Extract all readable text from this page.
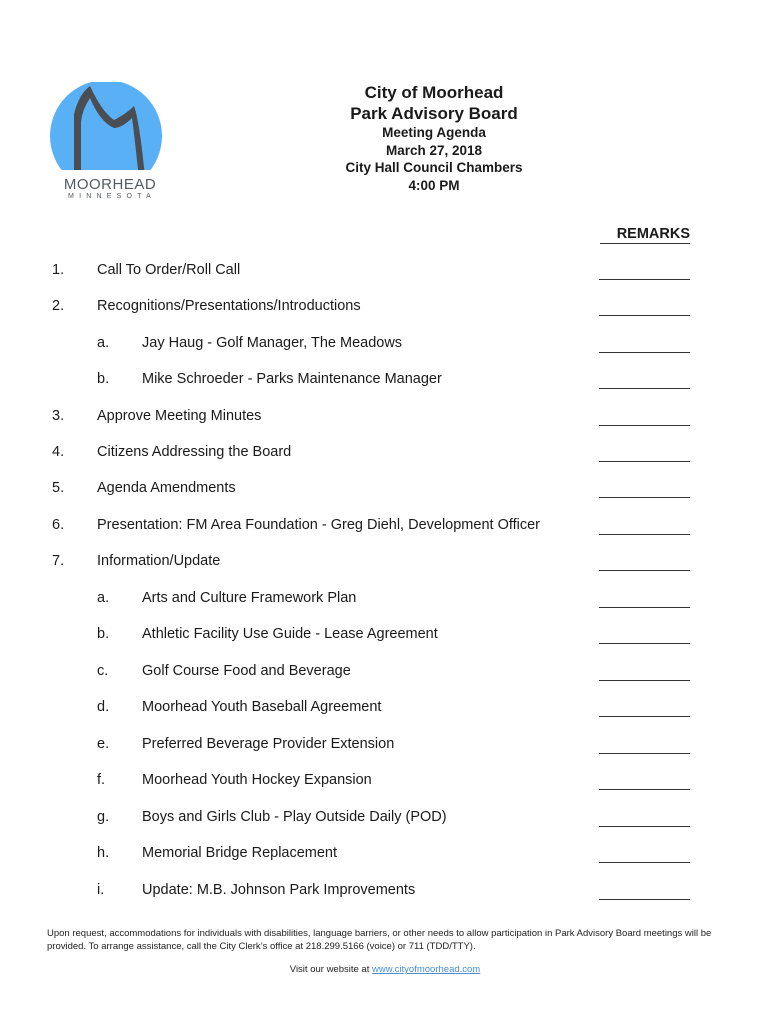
MOORHEAD
MINNESOTA
City of Moorhead
Park Advisory Board
Meeting Agenda
March 27, 2018
City Hall Council Chambers
4:00 PM
REMARKS
1. Call To Order/Roll Call
2. Recognitions/Presentations/Introductions
a. Jay Haug - Golf Manager, The Meadows
b. Mike Schroeder - Parks Maintenance Manager
3. Approve Meeting Minutes
4. Citizens Addressing the Board
5. Agenda Amendments
6. Presentation: FM Area Foundation - Greg Diehl, Development Officer
7. Information/Update
a. Arts and Culture Framework Plan
b. Athletic Facility Use Guide - Lease Agreement
c. Golf Course Food and Beverage
d. Moorhead Youth Baseball Agreement
e. Preferred Beverage Provider Extension
f.	Moorhead Youth Hockey Expansion
g. Boys and Girls Club - Play Outside Daily (POD)
h. Memorial Bridge Replacement
i.	Update: M.B. Johnson Park Improvements
Upon request, accommodations for individuals with disabilities, language barriers, or other needs to allow participation in Park Advisory Board meetings will be provided. To arrange assistance, call the City Clerk’s office at 218.299.5166 (voice) or 711 (TDD/TTY).
Visit our website at www.cityofmoorhead.com
